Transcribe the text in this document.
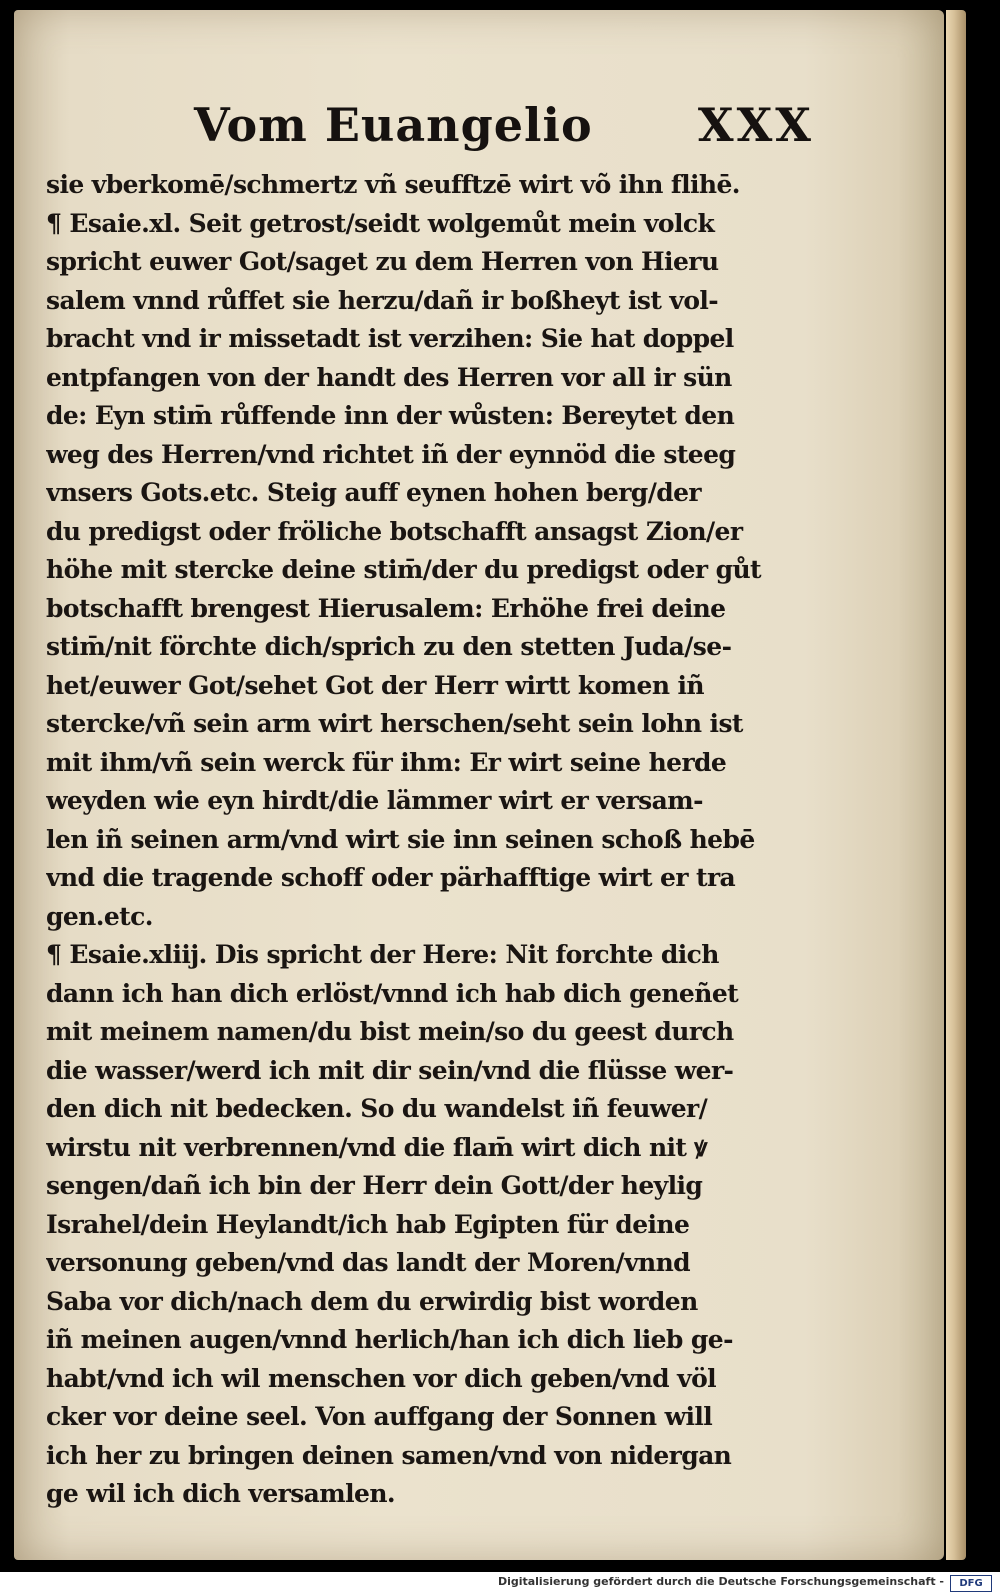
Vom Euangelio XXX
sie vberkomē/schmertz vñ seufftzē wirt võ ihn flihē.
¶ Esaie.xl. Seit getrost/seidt wolgemůt mein volck
spricht euwer Got/saget zu dem Herren von Hieru
salem vnnd růffet sie herzu/dañ ir boßheyt ist vol-
bracht vnd ir missetadt ist verzihen: Sie hat doppel
entpfangen von der handt des Herren vor all ir sün
de: Eyn stim̄ růffende inn der wůsten: Bereytet den
weg des Herren/vnd richtet iñ der eynnöd die steeg
vnsers Gots.etc. Steig auff eynen hohen berg/der
du predigst oder fröliche botschafft ansagst Zion/er
höhe mit stercke deine stim̄/der du predigst oder gůt
botschafft brengest Hierusalem: Erhöhe frei deine
stim̄/nit förchte dich/sprich zu den stetten Juda/se-
het/euwer Got/sehet Got der Herr wirtt komen iñ
stercke/vñ sein arm wirt herschen/seht sein lohn ist
mit ihm/vñ sein werck für ihm: Er wirt seine herde
weyden wie eyn hirdt/die lämmer wirt er versam-
len iñ seinen arm/vnd wirt sie inn seinen schoß hebē
vnd die tragende schoff oder pärhafftige wirt er tra
gen.etc.
¶ Esaie.xliij. Dis spricht der Here: Nit forchte dich
dann ich han dich erlöst/vnnd ich hab dich geneñet
mit meinem namen/du bist mein/so du geest durch
die wasser/werd ich mit dir sein/vnd die flüsse wer-
den dich nit bedecken. So du wandelst iñ feuwer/
wirstu nit verbrennen/vnd die flam̄ wirt dich nit ꝟ
sengen/dañ ich bin der Herr dein Gott/der heylig
Israhel/dein Heylandt/ich hab Egipten für deine
versonung geben/vnd das landt der Moren/vnnd
Saba vor dich/nach dem du erwirdig bist worden
iñ meinen augen/vnnd herlich/han ich dich lieb ge-
habt/vnd ich wil menschen vor dich geben/vnd völ
cker vor deine seel. Von auffgang der Sonnen will
ich her zu bringen deinen samen/vnd von nidergan
ge wil ich dich versamlen.
Digitalisierung gefördert durch die Deutsche Forschungsgemeinschaft -	DFG
